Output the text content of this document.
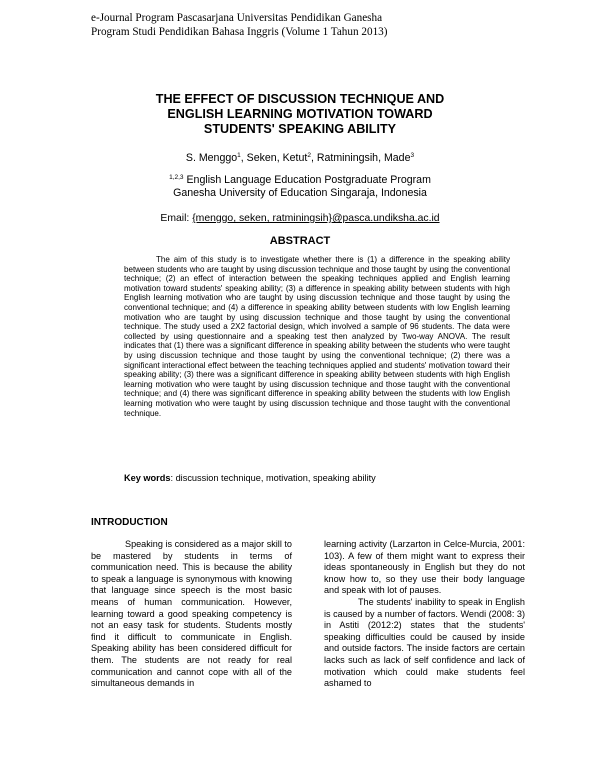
e-Journal Program Pascasarjana Universitas Pendidikan Ganesha
Program Studi Pendidikan Bahasa Inggris (Volume 1 Tahun 2013)
THE EFFECT OF DISCUSSION TECHNIQUE AND
ENGLISH LEARNING MOTIVATION TOWARD
STUDENTS' SPEAKING ABILITY
S. Menggo$^1$, Seken, Ketut$^2$, Ratminingsih, Made$^3$
$^{1,2,3}$ English Language Education Postgraduate Program
Ganesha University of Education Singaraja, Indonesia
Email: {menggo, seken, ratminingsih}@pasca.undiksha.ac.id
ABSTRACT
The aim of this study is to investigate whether there is (1) a difference in the speaking ability between students who are taught by using discussion technique and those taught by using the conventional technique; (2) an effect of interaction between the speaking techniques applied and English learning motivation toward students' speaking ability; (3) a difference in speaking ability between students with high English learning motivation who are taught by using discussion technique and those taught by using the conventional technique; and (4) a difference in speaking ability between students with low English learning motivation who are taught by using discussion technique and those taught by using the conventional technique. The study used a 2X2 factorial design, which involved a sample of 96 students. The data were collected by using questionnaire and a speaking test then analyzed by Two-way ANOVA. The result indicates that (1) there was a significant difference in speaking ability between the students who were taught by using discussion technique and those taught by using the conventional technique; (2) there was a significant interactional effect between the teaching techniques applied and students' motivation toward their speaking ability; (3) there was a significant difference in speaking ability between students with high English learning motivation who were taught by using discussion technique and those taught with the conventional technique; and (4) there was significant difference in speaking ability between the students with low English learning motivation who were taught by using discussion technique and those taught with the conventional technique.
Key words: discussion technique, motivation, speaking ability
INTRODUCTION

Speaking is considered as a major skill to be mastered by students in terms of communication need. This is because the ability to speak a language is synonymous with knowing that language since speech is the most basic means of human communication. However, learning toward a good speaking competency is not an easy task for students. Students mostly find it difficult to communicate in English. Speaking ability has been considered difficult for them. The students are not ready for real communication and cannot cope with all of the simultaneous demands in

learning activity (Larzarton in Celce-Murcia, 2001: 103). A few of them might want to express their ideas spontaneously in English but they do not know how to, so they use their body language and speak with lot of pauses.

The students' inability to speak in English is caused by a number of factors. Wendi (2008: 3) in Astiti (2012:2) states that the students' speaking difficulties could be caused by inside and outside factors. The inside factors are certain lacks such as lack of self confidence and lack of motivation which could make students feel ashamed to
